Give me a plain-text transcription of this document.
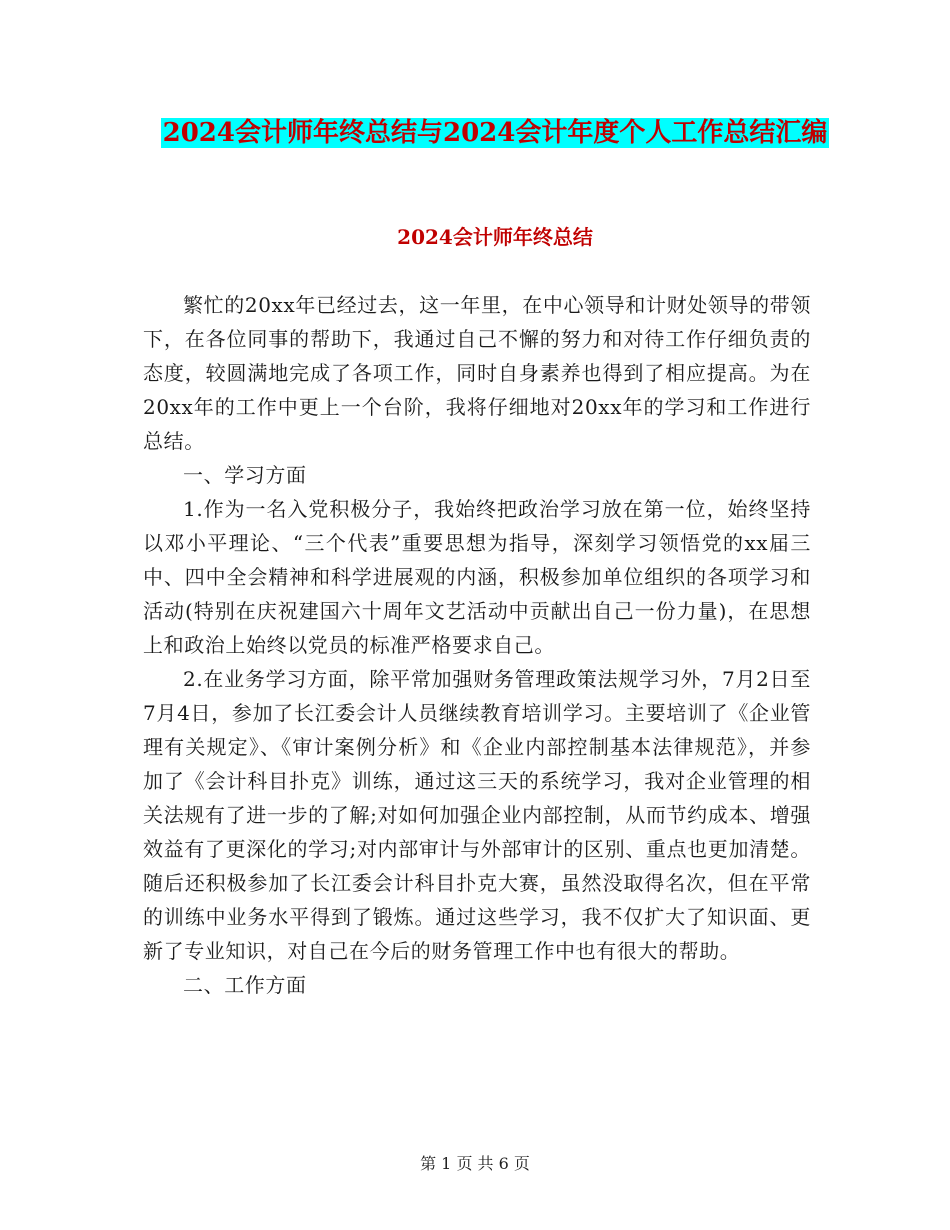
2024会计师年终总结与2024会计年度个人工作总结汇编
2024会计师年终总结

繁忙的20xx年已经过去，这一年里，在中心领导和计财处领导的带领下，在各位同事的帮助下，我通过自己不懈的努力和对待工作仔细负责的态度，较圆满地完成了各项工作，同时自身素养也得到了相应提高。为在20xx年的工作中更上一个台阶，我将仔细地对20xx年的学习和工作进行总结。

一、学习方面

1.作为一名入党积极分子，我始终把政治学习放在第一位，始终坚持以邓小平理论、“三个代表”重要思想为指导，深刻学习领悟党的xx届三中、四中全会精神和科学进展观的内涵，积极参加单位组织的各项学习和活动(特别在庆祝建国六十周年文艺活动中贡献出自己一份力量)，在思想上和政治上始终以党员的标准严格要求自己。

2.在业务学习方面，除平常加强财务管理政策法规学习外，7月2日至7月4日，参加了长江委会计人员继续教育培训学习。主要培训了《企业管理有关规定》、《审计案例分析》和《企业内部控制基本法律规范》，并参加了《会计科目扑克》训练，通过这三天的系统学习，我对企业管理的相关法规有了进一步的了解;对如何加强企业内部控制，从而节约成本、增强效益有了更深化的学习;对内部审计与外部审计的区别、重点也更加清楚。随后还积极参加了长江委会计科目扑克大赛，虽然没取得名次，但在平常的训练中业务水平得到了锻炼。通过这些学习，我不仅扩大了知识面、更新了专业知识，对自己在今后的财务管理工作中也有很大的帮助。

二、工作方面

第 1 页 共 6 页
